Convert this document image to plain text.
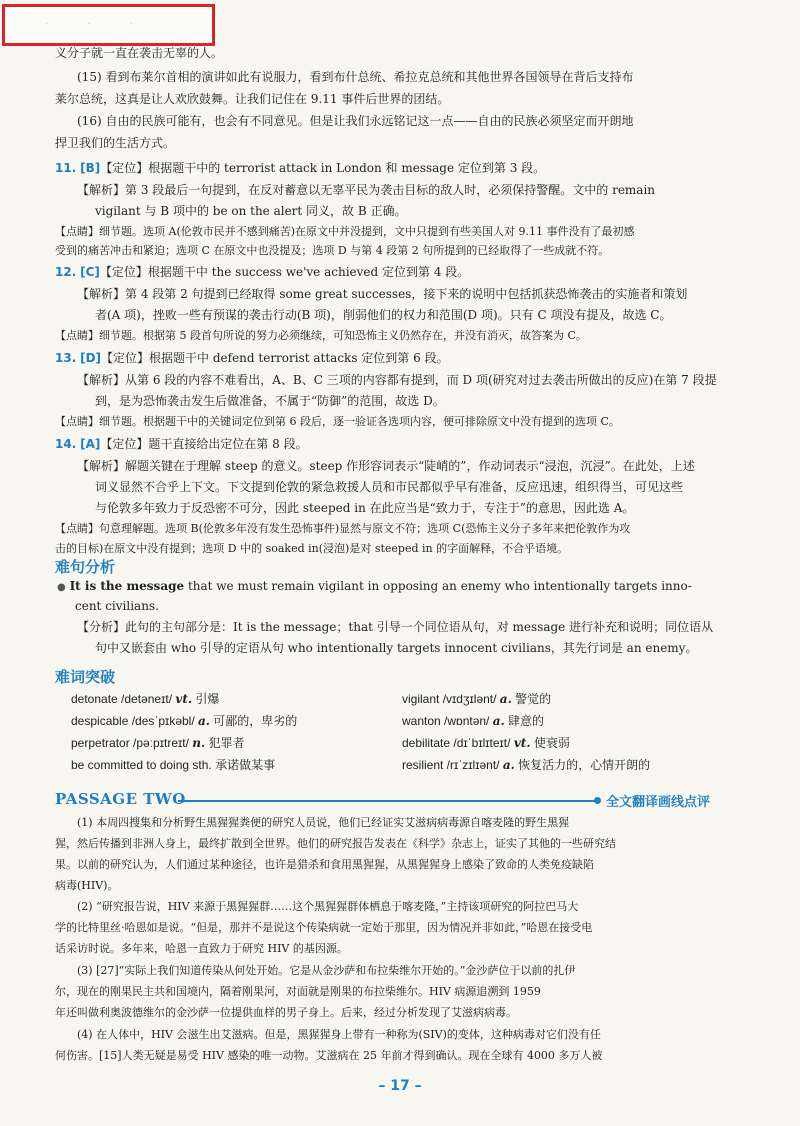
· · ·
义分子就一直在袭击无辜的人。
(15) 看到布莱尔首相的演讲如此有说服力，看到布什总统、希拉克总统和其他世界各国领导在背后支持布
莱尔总统，这真是让人欢欣鼓舞。让我们记住在 9.11 事件后世界的团结。
(16) 自由的民族可能有，也会有不同意见。但是让我们永远铭记这一点——自由的民族必须坚定而开朗地
捍卫我们的生活方式。
11. [B]【定位】根据题干中的 terrorist attack in London 和 message 定位到第 3 段。
【解析】第 3 段最后一句提到，在反对蓄意以无辜平民为袭击目标的敌人时，必须保持警醒。文中的 remain
vigilant 与 B 项中的 be on the alert 同义，故 B 正确。
【点睛】细节题。选项 A(伦敦市民并不感到痛苦)在原文中并没提到，文中只提到有些美国人对 9.11 事件没有了最初感
受到的痛苦冲击和紧迫；选项 C 在原文中也没提及；选项 D 与第 4 段第 2 句所提到的已经取得了一些成就不符。
12. [C]【定位】根据题干中 the success we've achieved 定位到第 4 段。
【解析】第 4 段第 2 句提到已经取得 some great successes，接下来的说明中包括抓获恐怖袭击的实施者和策划
者(A 项)，挫败一些有预谋的袭击行动(B 项)，削弱他们的权力和范围(D 项)。只有 C 项没有提及，故选 C。
【点睛】细节题。根据第 5 段首句所说的努力必须继续，可知恐怖主义仍然存在，并没有消灭，故答案为 C。
13. [D]【定位】根据题干中 defend terrorist attacks 定位到第 6 段。
【解析】从第 6 段的内容不难看出，A、B、C 三项的内容都有提到，而 D 项(研究对过去袭击所做出的反应)在第 7 段提
到，是为恐怖袭击发生后做准备，不属于“防御”的范围，故选 D。
【点睛】细节题。根据题干中的关键词定位到第 6 段后，逐一验证各选项内容，便可排除原文中没有提到的选项 C。
14. [A]【定位】题干直接给出定位在第 8 段。
【解析】解题关键在于理解 steep 的意义。steep 作形容词表示“陡峭的”，作动词表示“浸泡，沉浸”。在此处，上述
词义显然不合乎上下文。下文提到伦敦的紧急救援人员和市民都似乎早有准备，反应迅速，组织得当，可见这些
与伦敦多年致力于反恐密不可分，因此 steeped in 在此应当是“致力于，专注于”的意思，因此选 A。
【点睛】句意理解题。选项 B(伦敦多年没有发生恐怖事件)显然与原文不符；选项 C(恐怖主义分子多年来把伦敦作为攻
击的目标)在原文中没有提到；选项 D 中的 soaked in(浸泡)是对 steeped in 的字面解释，不合乎语境。
难句分析
● It is the message that we must remain vigilant in opposing an enemy who intentionally targets inno-
cent civilians.
【分析】此句的主句部分是：It is the message；that 引导一个同位语从句，对 message 进行补充和说明；同位语从
句中又嵌套由 who 引导的定语从句 who intentionally targets innocent civilians，其先行词是 an enemy。
难词突破
detonate /detəneɪt/ vt. 引爆
despicable /desˈpɪkəbl/ a. 可鄙的，卑劣的
perpetrator /pəːpɪtreɪt/ n. 犯罪者
be committed to doing sth. 承诺做某事
vigilant /vɪdʒɪlənt/ a. 警觉的
wanton /wɒntən/ a. 肆意的
debilitate /dɪˈbɪlɪteɪt/ vt. 使衰弱
resilient /rɪˈzɪlɪənt/ a. 恢复活力的，心情开朗的
PASSAGE TWO	全文翻译画线点评
(1) 本周四搜集和分析野生黑猩猩粪便的研究人员说，他们已经证实艾滋病病毒源自喀麦隆的野生黑猩
猩，然后传播到非洲人身上，最终扩散到全世界。他们的研究报告发表在《科学》杂志上，证实了其他的一些研究结
果。以前的研究认为，人们通过某种途径，也许是猎杀和食用黑猩猩，从黑猩猩身上感染了致命的人类免疫缺陷
病毒(HIV)。
(2) “研究报告说，HIV 来源于黑猩猩群……这个黑猩猩群体栖息于喀麦隆，”主持该项研究的阿拉巴马大
学的比特里丝·哈恩如是说。“但是，那并不是说这个传染病就一定始于那里，因为情况并非如此，”哈恩在接受电
话采访时说。多年来，哈恩一直致力于研究 HIV 的基因源。
(3) [27]“实际上我们知道传染从何处开始。它是从金沙萨和布拉柴维尔开始的。”金沙萨位于以前的扎伊
尔，现在的刚果民主共和国境内，隔着刚果河，对面就是刚果的布拉柴维尔。HIV 病源追溯到 1959
年还叫做利奥波德维尔的金沙萨一位提供血样的男子身上。后来，经过分析发现了艾滋病病毒。
(4) 在人体中，HIV 会滋生出艾滋病。但是，黑猩猩身上带有一种称为(SIV)的变体，这种病毒对它们没有任
何伤害。[15]人类无疑是易受 HIV 感染的唯一动物。艾滋病在 25 年前才得到确认。现在全球有 4000 多万人被
– 17 –
